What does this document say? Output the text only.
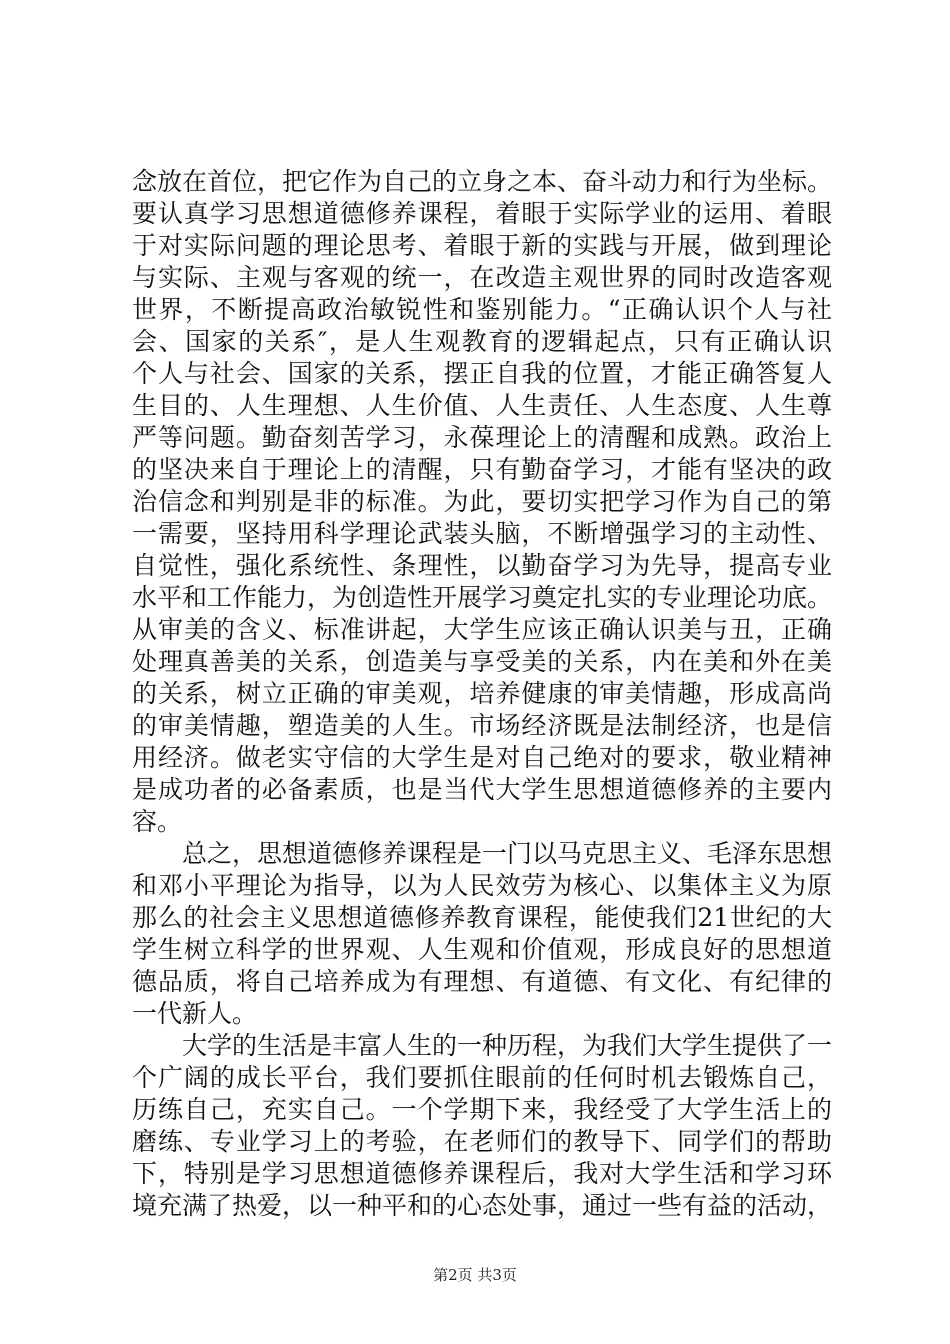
念放在首位，把它作为自己的立身之本、奋斗动力和行为坐标。
要认真学习思想道德修养课程，着眼于实际学业的运用、着眼
于对实际问题的理论思考、着眼于新的实践与开展，做到理论
与实际、主观与客观的统一，在改造主观世界的同时改造客观
世界，不断提高政治敏锐性和鉴别能力。“正确认识个人与社
会、国家的关系″，是人生观教育的逻辑起点，只有正确认识
个人与社会、国家的关系，摆正自我的位置，才能正确答复人
生目的、人生理想、人生价值、人生责任、人生态度、人生尊
严等问题。勤奋刻苦学习，永葆理论上的清醒和成熟。政治上
的坚决来自于理论上的清醒，只有勤奋学习，才能有坚决的政
治信念和判别是非的标准。为此，要切实把学习作为自己的第
一需要，坚持用科学理论武装头脑，不断增强学习的主动性、
自觉性，强化系统性、条理性，以勤奋学习为先导，提高专业
水平和工作能力，为创造性开展学习奠定扎实的专业理论功底。
从审美的含义、标准讲起，大学生应该正确认识美与丑，正确
处理真善美的关系，创造美与享受美的关系，内在美和外在美
的关系，树立正确的审美观，培养健康的审美情趣，形成高尚
的审美情趣，塑造美的人生。市场经济既是法制经济，也是信
用经济。做老实守信的大学生是对自己绝对的要求，敬业精神
是成功者的必备素质，也是当代大学生思想道德修养的主要内
容。
总之，思想道德修养课程是一门以马克思主义、毛泽东思想
和邓小平理论为指导，以为人民效劳为核心、以集体主义为原
那么的社会主义思想道德修养教育课程，能使我们21世纪的大
学生树立科学的世界观、人生观和价值观，形成良好的思想道
德品质，将自己培养成为有理想、有道德、有文化、有纪律的
一代新人。
大学的生活是丰富人生的一种历程，为我们大学生提供了一
个广阔的成长平台，我们要抓住眼前的任何时机去锻炼自己，
历练自己，充实自己。一个学期下来，我经受了大学生活上的
磨练、专业学习上的考验，在老师们的教导下、同学们的帮助
下，特别是学习思想道德修养课程后，我对大学生活和学习环
境充满了热爱，以一种平和的心态处事，通过一些有益的活动，
第2页 共3页
